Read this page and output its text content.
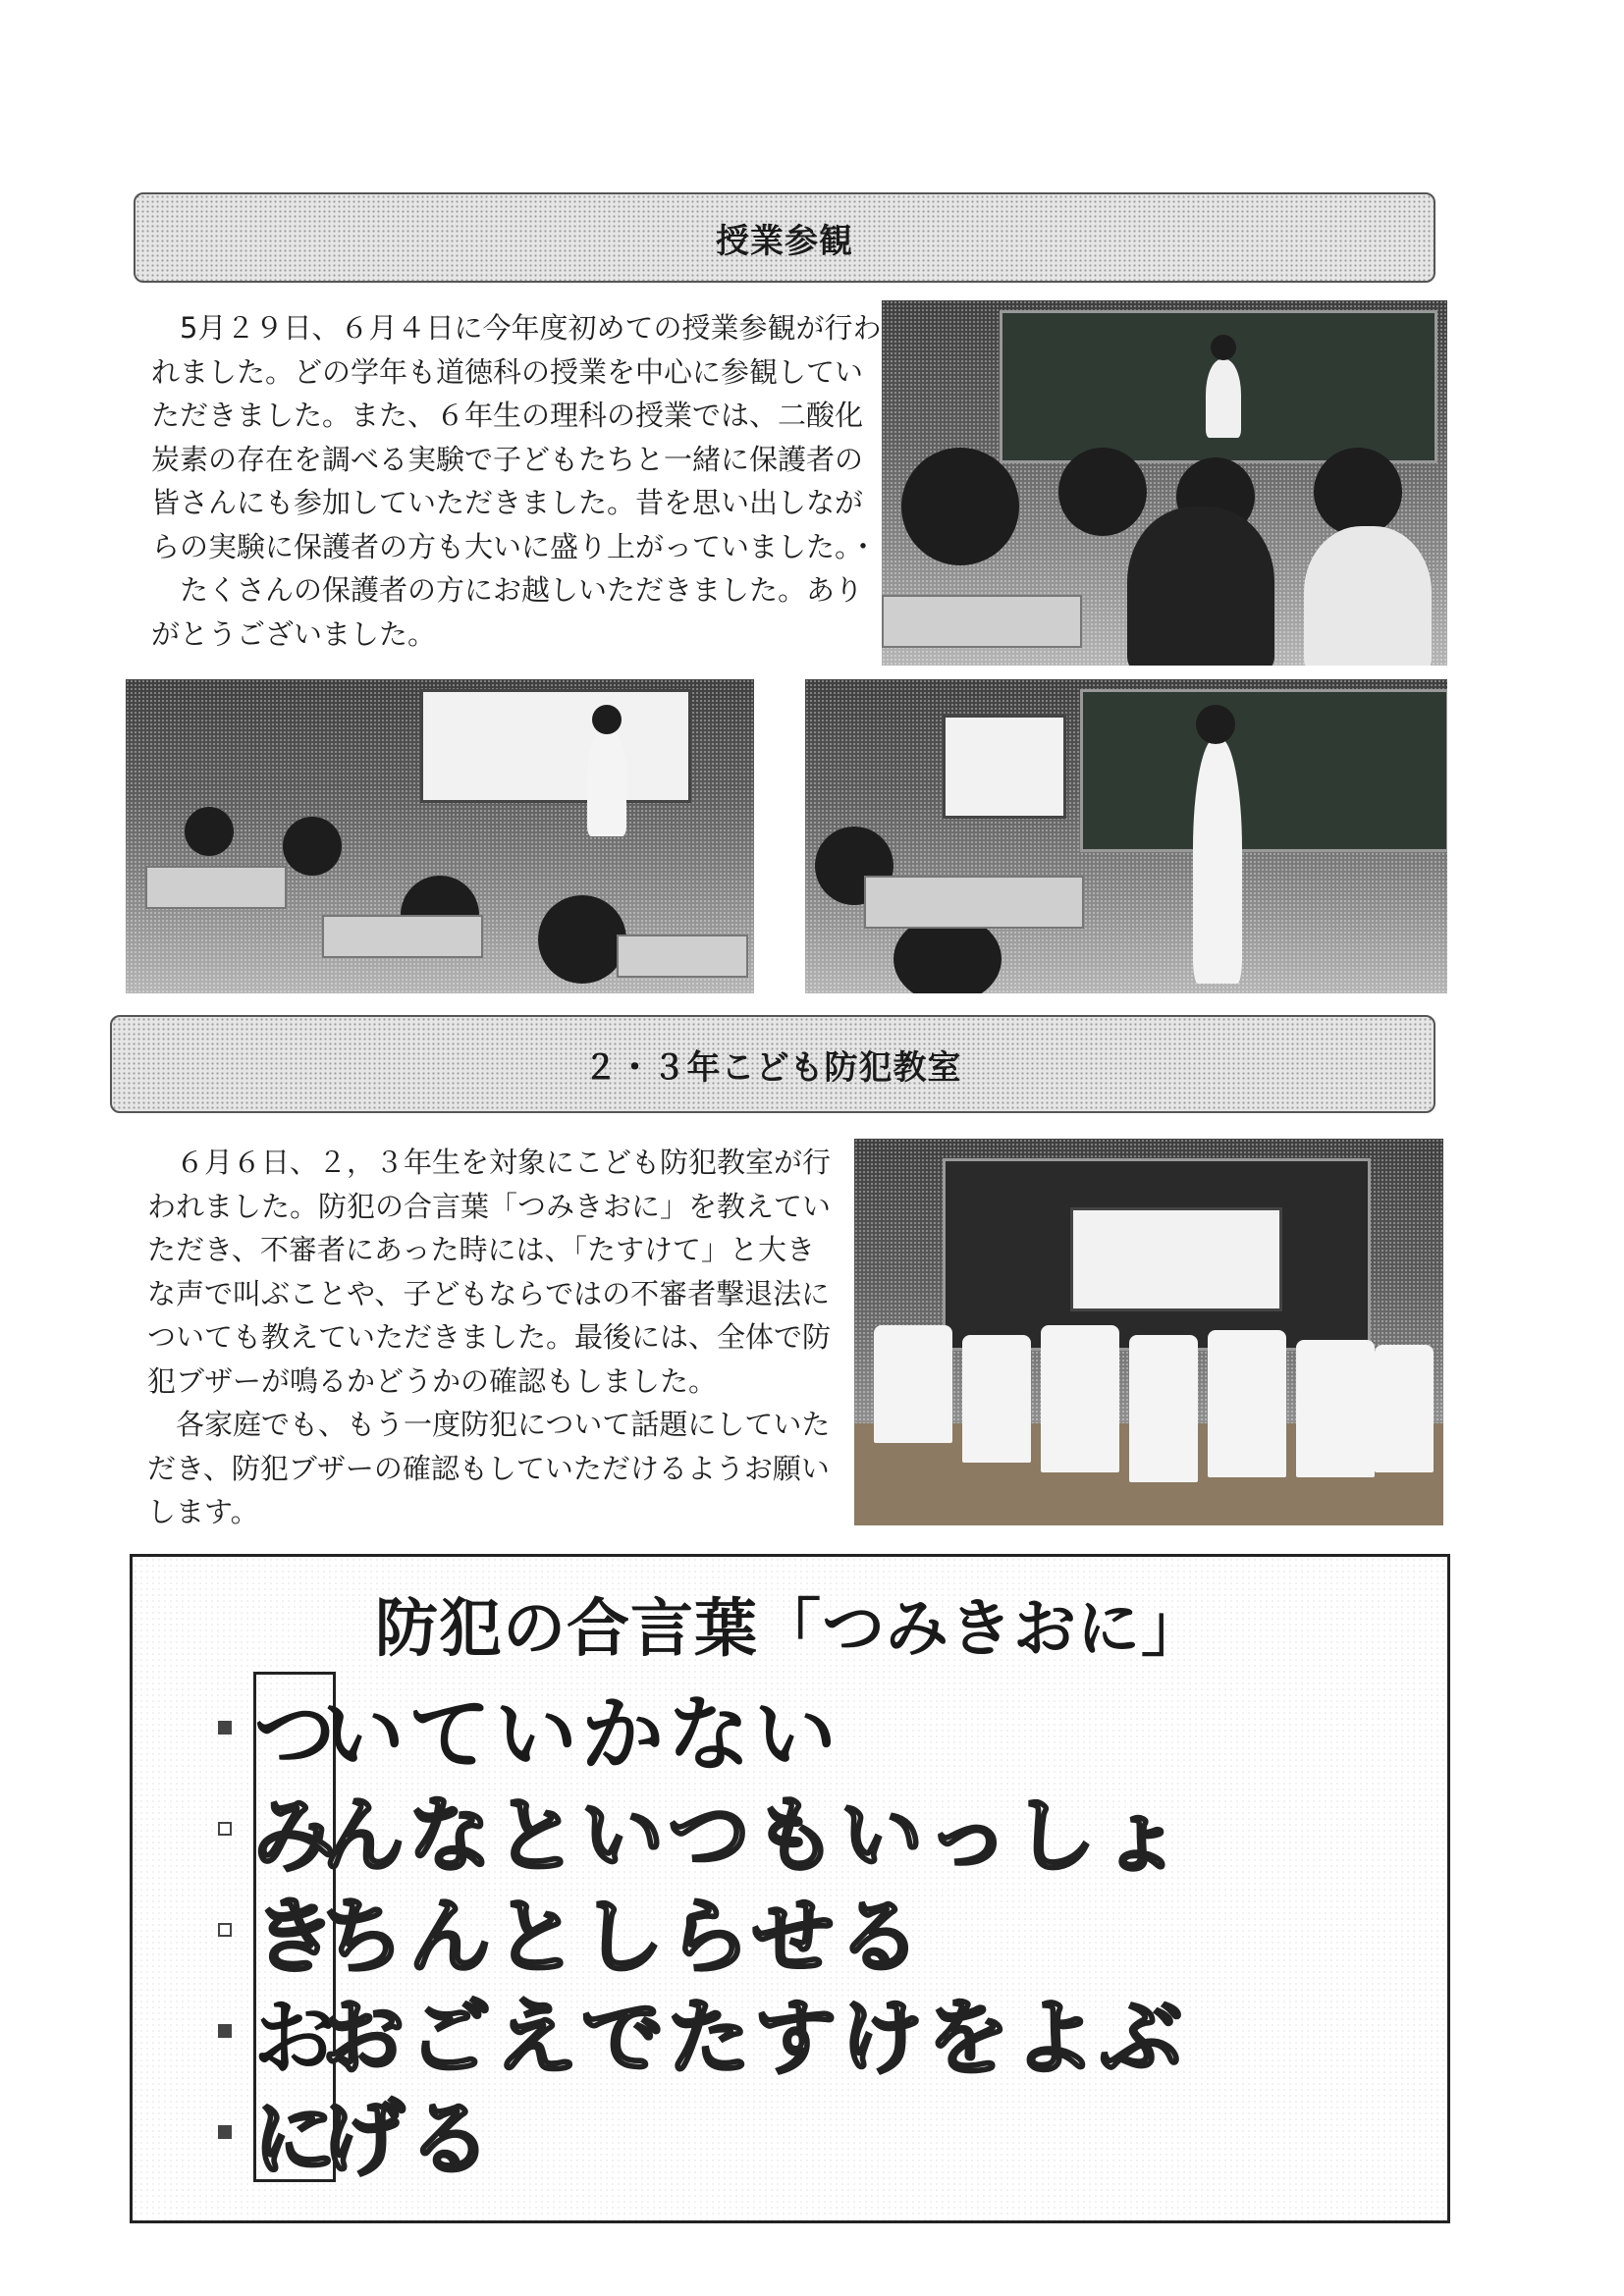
授業参観

5月２９日、６月４日に今年度初めての授業参観が行われました。どの学年も道徳科の授業を中心に参観していただきました。また、６年生の理科の授業では、二酸化炭素の存在を調べる実験で子どもたちと一緒に保護者の皆さんにも参加していただきました。昔を思い出しながらの実験に保護者の方も大いに盛り上がっていました。・

たくさんの保護者の方にお越しいただきました。ありがとうございました。

２・３年こども防犯教室

６月６日、２，３年生を対象にこども防犯教室が行われました。防犯の合言葉「つみきおに」を教えていただき、不審者にあった時には、「たすけて」と大きな声で叫ぶことや、子どもならではの不審者撃退法についても教えていただきました。最後には、全体で防犯ブザーが鳴るかどうかの確認もしました。

各家庭でも、もう一度防犯について話題にしていただき、防犯ブザーの確認もしていただけるようお願いします。

防犯の合言葉「つみきおに」
つ
いていかない
み
んなといつもいっしょ
き
ちんとしらせる
お
おごえでたすけをよぶ
に
げる
